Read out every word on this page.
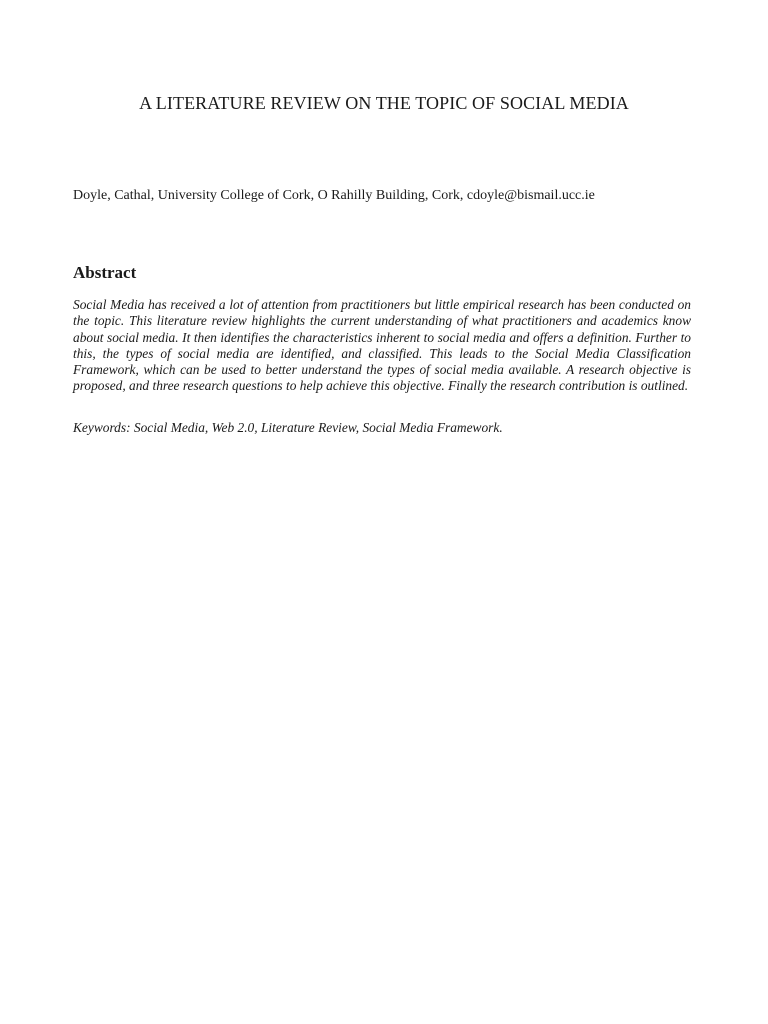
A LITERATURE REVIEW ON THE TOPIC OF SOCIAL MEDIA

Doyle, Cathal, University College of Cork, O Rahilly Building, Cork, cdoyle@bismail.ucc.ie

Abstract

Social Media has received a lot of attention from practitioners but little empirical research has been conducted on the topic. This literature review highlights the current understanding of what practitioners and academics know about social media. It then identifies the characteristics inherent to social media and offers a definition. Further to this, the types of social media are identified, and classified. This leads to the Social Media Classification Framework, which can be used to better understand the types of social media available. A research objective is proposed, and three research questions to help achieve this objective. Finally the research contribution is outlined.

Keywords: Social Media, Web 2.0, Literature Review, Social Media Framework.
